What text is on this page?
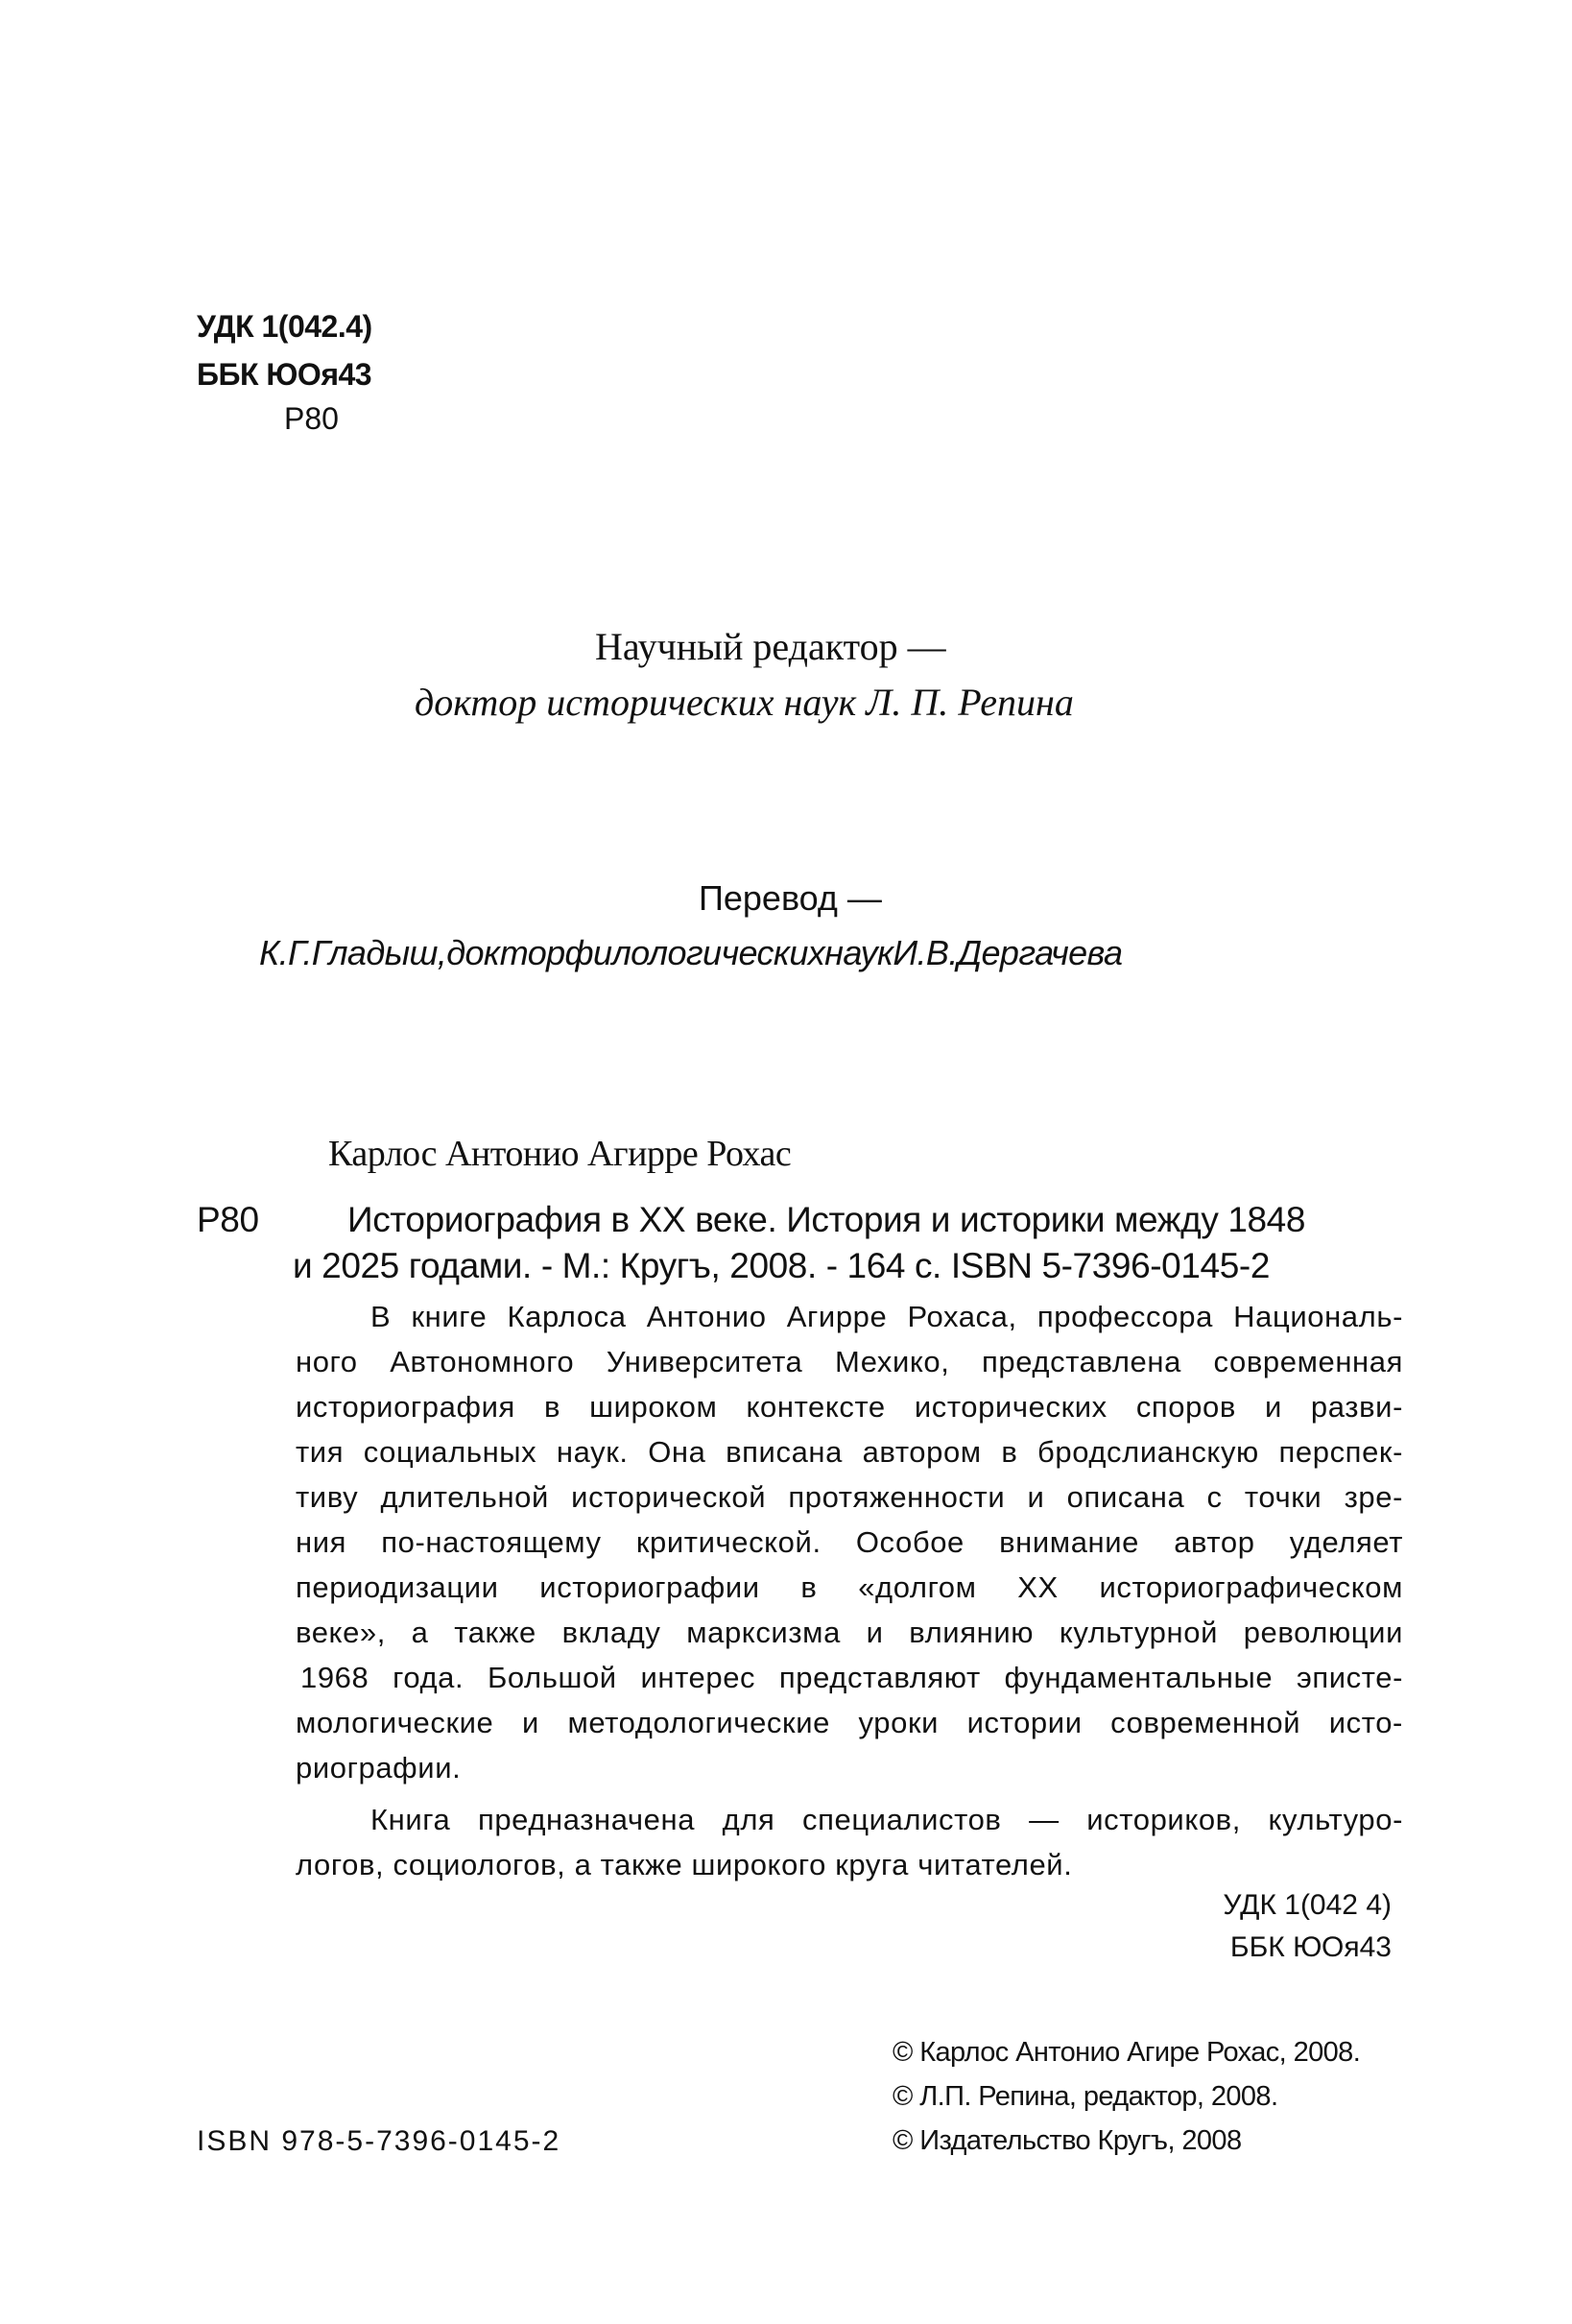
УДК 1(042.4)
ББК ЮОя43
Р80
Научный редактор —
доктор исторических наук Л. П. Репина
Перевод —
К.Г.Гладыш,докторфилологическихнаукИ.В.Дергачева
Карлос Антонио Агирре Рохас
Р80 Историография в XX веке. История и историки между 1848
и 2025 годами. - М.: Кругъ, 2008. - 164 с. ISBN 5-7396-0145-2
В книге Карлоса Антонио Агирре Рохаса, профессора Националь-
ного Автономного Университета Мехико, представлена современная
историография в широком контексте исторических споров и разви-
тия социальных наук. Она вписана автором в бродслианскую перспек-
тиву длительной исторической протяженности и описана с точки зре-
ния по-настоящему критической. Особое внимание автор уделяет
периодизации историографии в «долгом XX историографическом
веке», а также вкладу марксизма и влиянию культурной революции
1968 года. Большой интерес представляют фундаментальные эписте-
мологические и методологические уроки истории современной исто-
риографии.
Книга предназначена для специалистов — историков, культуро-
логов, социологов, а также широкого круга читателей.
УДК 1(042 4)
ББК ЮОя43
© Карлос Антонио Агире Рохас, 2008.
© Л.П. Репина, редактор, 2008.
© Издательство Кругъ, 2008
ISBN 978-5-7396-0145-2
